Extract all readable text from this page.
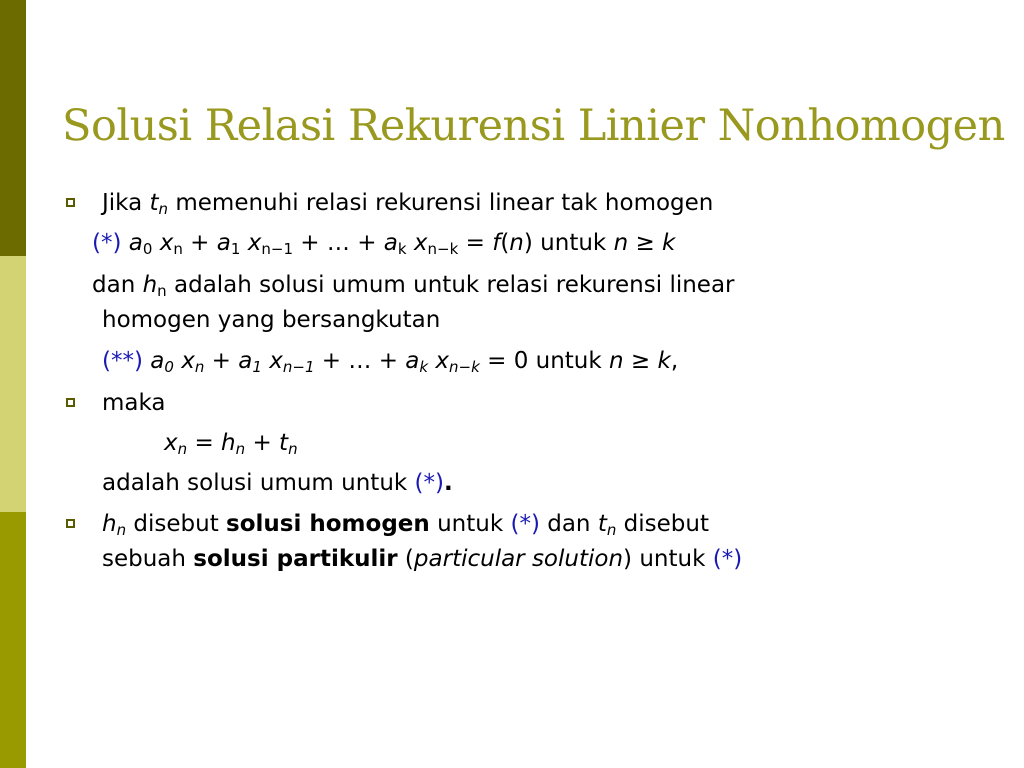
Solusi Relasi Rekurensi Linier Nonhomogen
Jika $t_n$ memenuhi relasi rekurensi linear tak homogen
(*) $a_0$ $x_n + a_1$ $x_{n-1}$ + … + $a_k$ $x_{n-k} = f(n)$ untuk n ≥ k
dan $h_n$ adalah solusi umum untuk relasi rekurensi linear
homogen yang bersangkutan
(**) $a_0$ $x_n + a_1$ $x_{n-1}$ + … + $a_k$ $x_{n-k} = 0$ untuk n ≥ k,
maka
$x_n = h_n + t_n$
adalah solusi umum untuk (*).
$h_n$ disebut solusi homogen untuk (*) dan $t_n$ disebut
sebuah solusi partikulir (particular solution) untuk (*)
